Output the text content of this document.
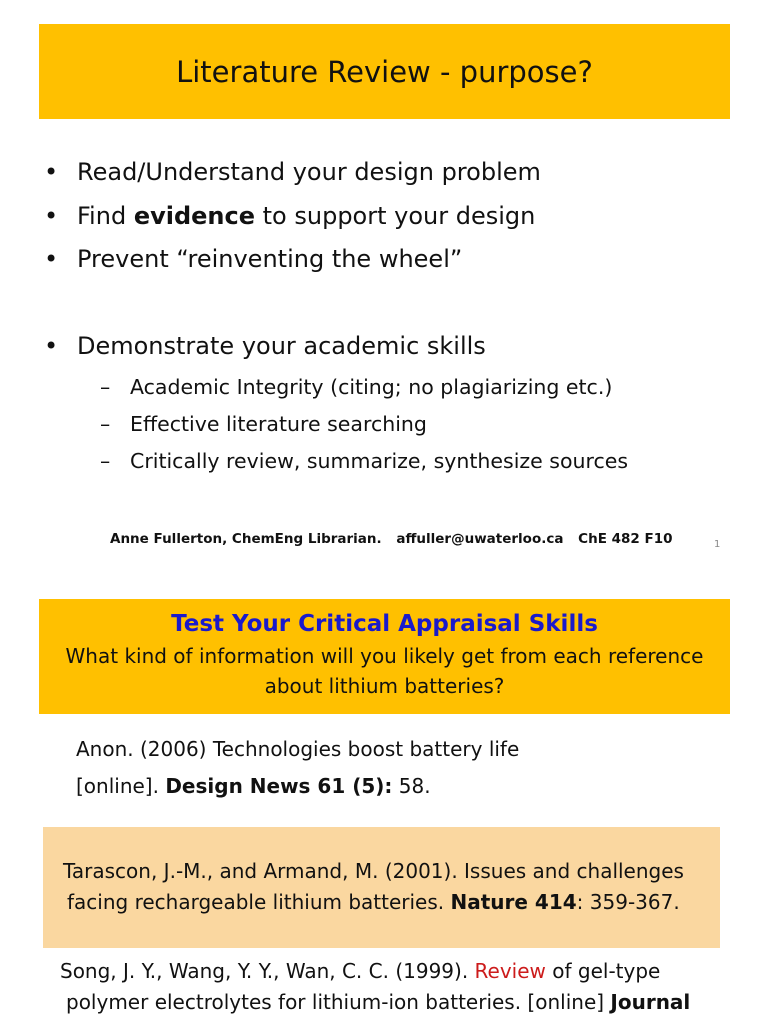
Literature Review - purpose?
• Read/Understand your design problem
• Find evidence to support your design
• Prevent “reinventing the wheel”
• Demonstrate your academic skills
– Academic Integrity (citing; no plagiarizing etc.)
– Effective literature searching
– Critically review, summarize, synthesize sources
Anne Fullerton, ChemEng Librarian. affuller@uwaterloo.ca ChE 482 F10	1
Test Your Critical Appraisal Skills
What kind of information will you likely get from each reference
about lithium batteries?
Anon. (2006) Technologies boost battery life
[online]. Design News 61 (5): 58.
Tarascon, J.-M., and Armand, M. (2001). Issues and challenges
facing rechargeable lithium batteries. Nature 414: 359-367.
Song, J. Y., Wang, Y. Y., Wan, C. C. (1999). Review of gel-type
polymer electrolytes for lithium-ion batteries. [online] Journal
